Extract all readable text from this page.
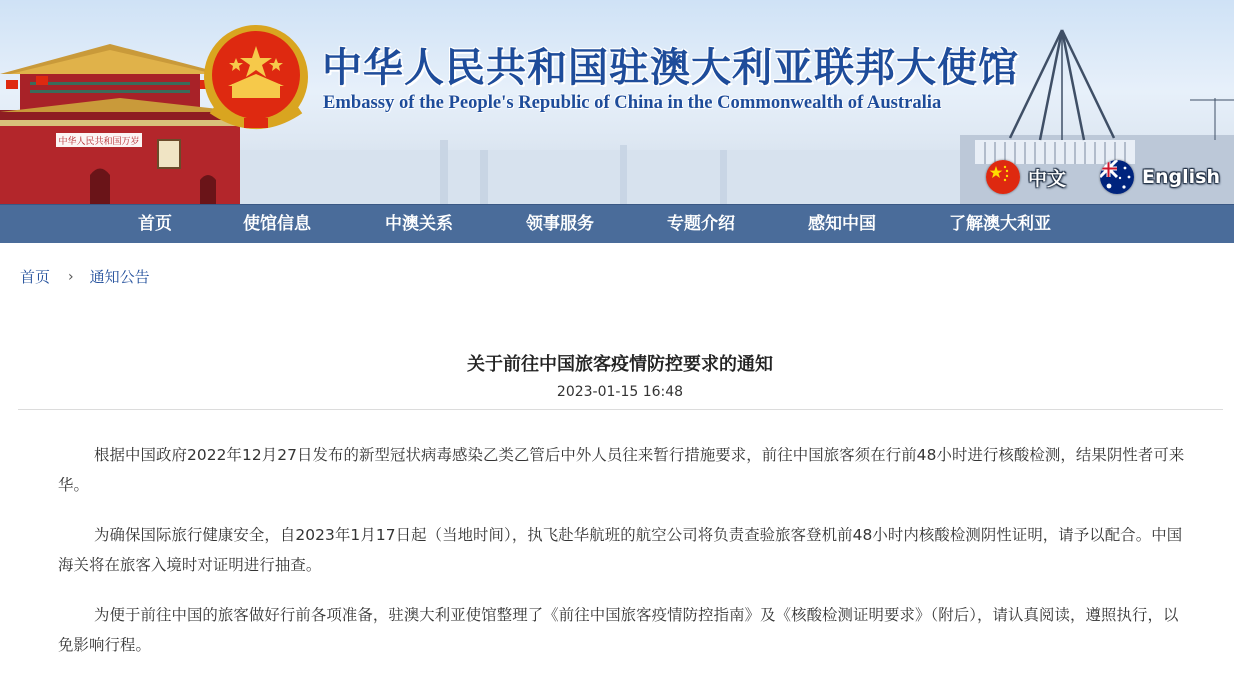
中华人民共和国万岁
中华人民共和国驻澳大利亚联邦大使馆
Embassy of the People's Republic of China in the Commonwealth of Australia
中文	English
首页	使馆信息	中澳关系	领事服务	专题介绍	感知中国	了解澳大利亚
首页 › 通知公告
关于前往中国旅客疫情防控要求的通知
2023-01-15 16:48

根据中国政府2022年12月27日发布的新型冠状病毒感染乙类乙管后中外人员往来暂行措施要求，前往中国旅客须在行前48小时进行核酸检测，结果阴性者可来华。

为确保国际旅行健康安全，自2023年1月17日起（当地时间），执飞赴华航班的航空公司将负责查验旅客登机前48小时内核酸检测阴性证明，请予以配合。中国海关将在旅客入境时对证明进行抽查。

为便于前往中国的旅客做好行前各项准备，驻澳大利亚使馆整理了《前往中国旅客疫情防控指南》及《核酸检测证明要求》（附后），请认真阅读，遵照执行，以免影响行程。
